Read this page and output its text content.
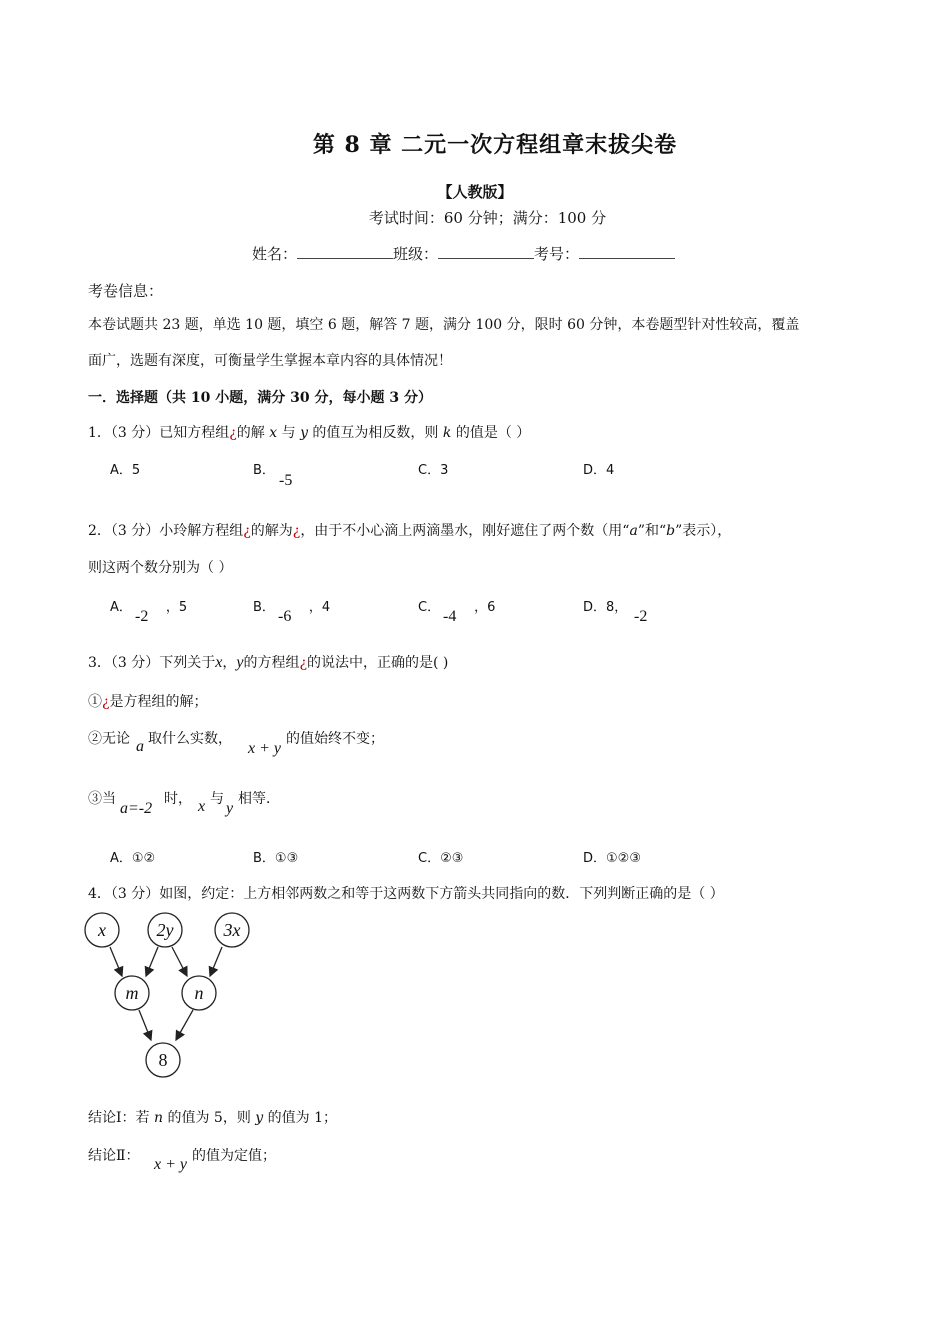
第 8 章 二元一次方程组章末拔尖卷
【人教版】
考试时间：60 分钟；满分：100 分
姓名：	班级：	考号：
考卷信息：
本卷试题共 23 题，单选 10 题，填空 6 题，解答 7 题，满分 100 分，限时 60 分钟，本卷题型针对性较高，覆盖
面广，选题有深度，可衡量学生掌握本章内容的具体情况！
一．选择题（共 10 小题，满分 30 分，每小题 3 分）
1．（3 分）已知方程组¿的解 x 与 y 的值互为相反数，则 k 的值是（ ）
A．5	B．
-5
C．3	D．4
2．（3 分）小玲解方程组¿的解为¿，由于不小心滴上两滴墨水，刚好遮住了两个数（用“a”和“b”表示），
则这两个数分别为（ ）
A．	，5
-2
B．	，4
-6
C．	，6
-4
D．8，
-2
3．（3 分）下列关于x，y的方程组¿的说法中，正确的是( )
①¿是方程组的解；
②无论 a 取什么实数，
x + y
的值始终不变；
③当
a=-2
时， x 与
y
相等．
A．①②	B．①③	C．②③	D．①②③
4．（3 分）如图，约定：上方相邻两数之和等于这两数下方箭头共同指向的数．下列判断正确的是（ ）
x	2y	3x
m	n
8
结论Ⅰ：若 n 的值为 5，则 y 的值为 1；
结论Ⅱ： x + y 的值为定值；
